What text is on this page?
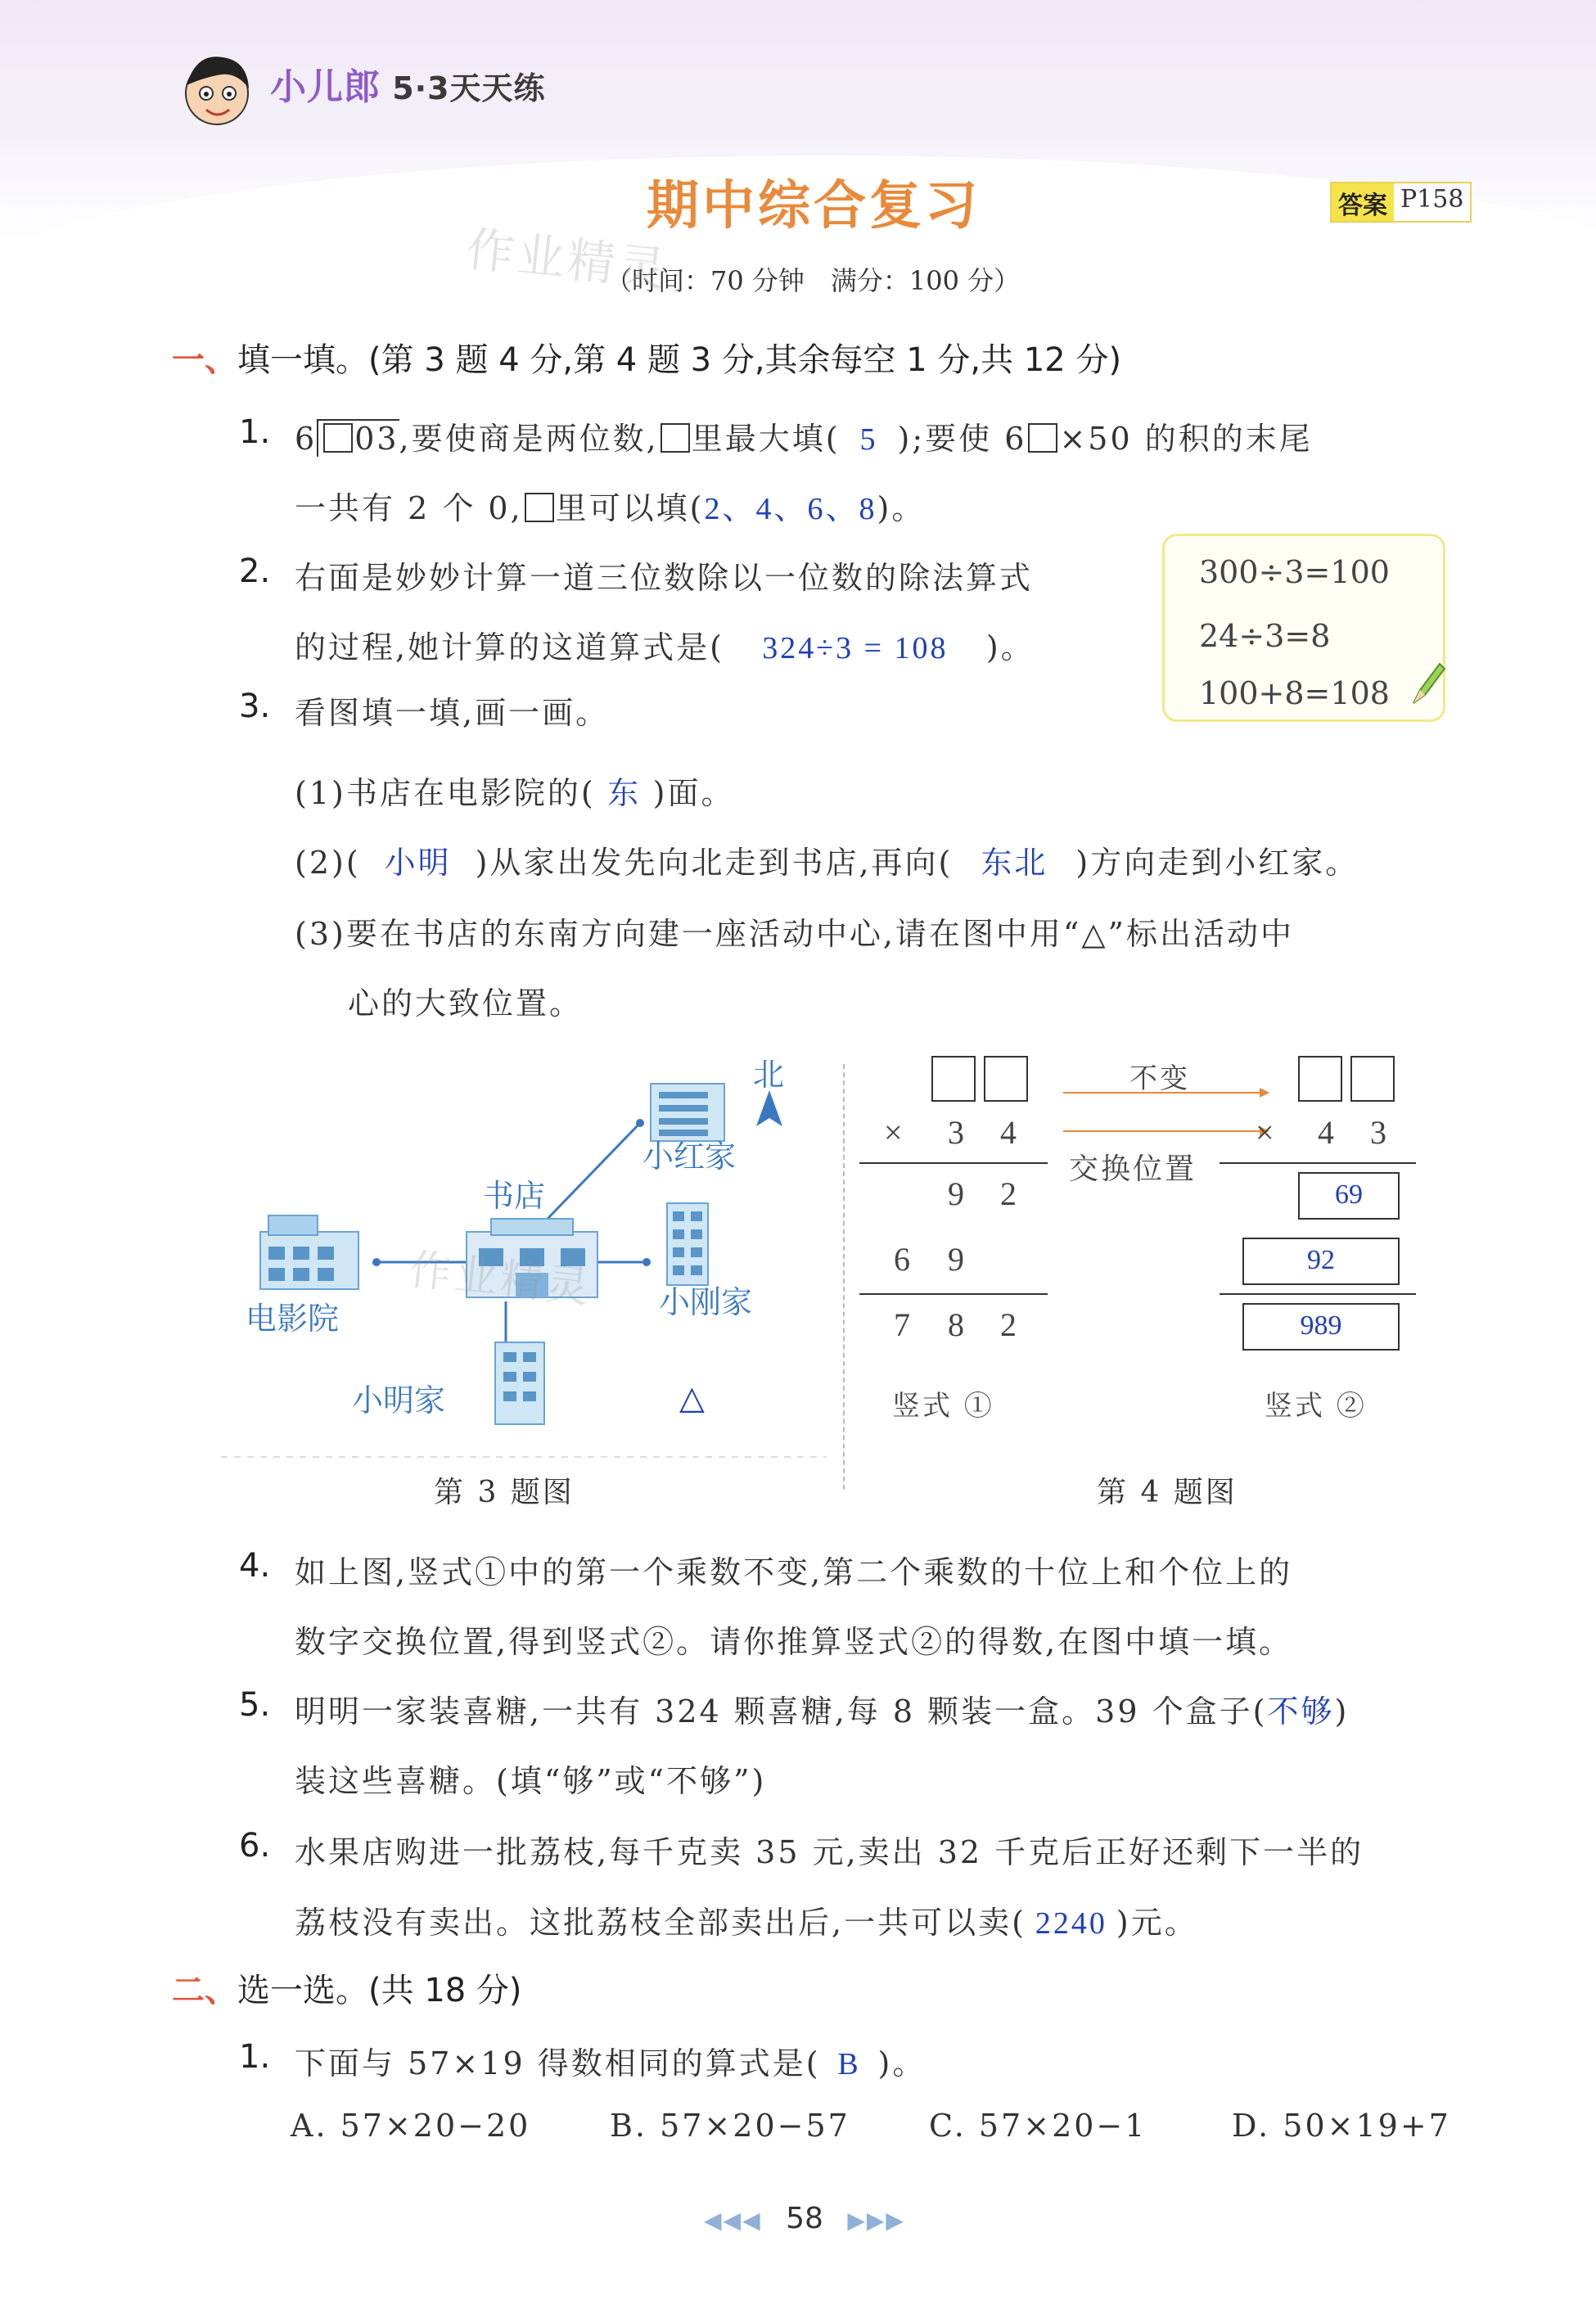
小儿郎 5·3天天练
期中综合复习	答案 P158
（时间：70 分钟　满分：100 分）
作业精灵
一、填一填。(第 3 题 4 分,第 4 题 3 分,其余每空 1 分,共 12 分)
1. 6 03,要使商是两位数, 里最大填( 5 );要使 6 ×50 的积的末尾
一共有 2 个 0, 里可以填(2、4、6、8)。
2. 右面是妙妙计算一道三位数除以一位数的除法算式
的过程,她计算的这道算式是( 324÷3 = 108 )。
300÷3=100
24÷3=8
100+8=108
3. 看图填一填,画一画。
(1)书店在电影院的( 东 )面。
(2)( 小明 )从家出发先向北走到书店,再向( 东北 )方向走到小红家。
(3)要在书店的东南方向建一座活动中心,请在图中用“△”标出活动中
心的大致位置。
北
书店
小红家
电影院	小刚家
小明家	△
作业精灵
第 3 题图
× 3 4
9 2
6 9
7 8 2
竖式 ①
不变
交换位置
× 4 3
69
92
989
竖式 ②
第 4 题图
4. 如上图,竖式①中的第一个乘数不变,第二个乘数的十位上和个位上的
数字交换位置,得到竖式②。请你推算竖式②的得数,在图中填一填。
5. 明明一家装喜糖,一共有 324 颗喜糖,每 8 颗装一盒。39 个盒子(不够)
装这些喜糖。(填“够”或“不够”)
6. 水果店购进一批荔枝,每千克卖 35 元,卖出 32 千克后正好还剩下一半的
荔枝没有卖出。这批荔枝全部卖出后,一共可以卖( 2240 )元。
二、选一选。(共 18 分)
1. 下面与 57×19 得数相同的算式是( B )。
A. 57×20−20	B. 57×20−57	C. 57×20−1	D. 50×19+7
◀◀◀ 58 ▶▶▶
